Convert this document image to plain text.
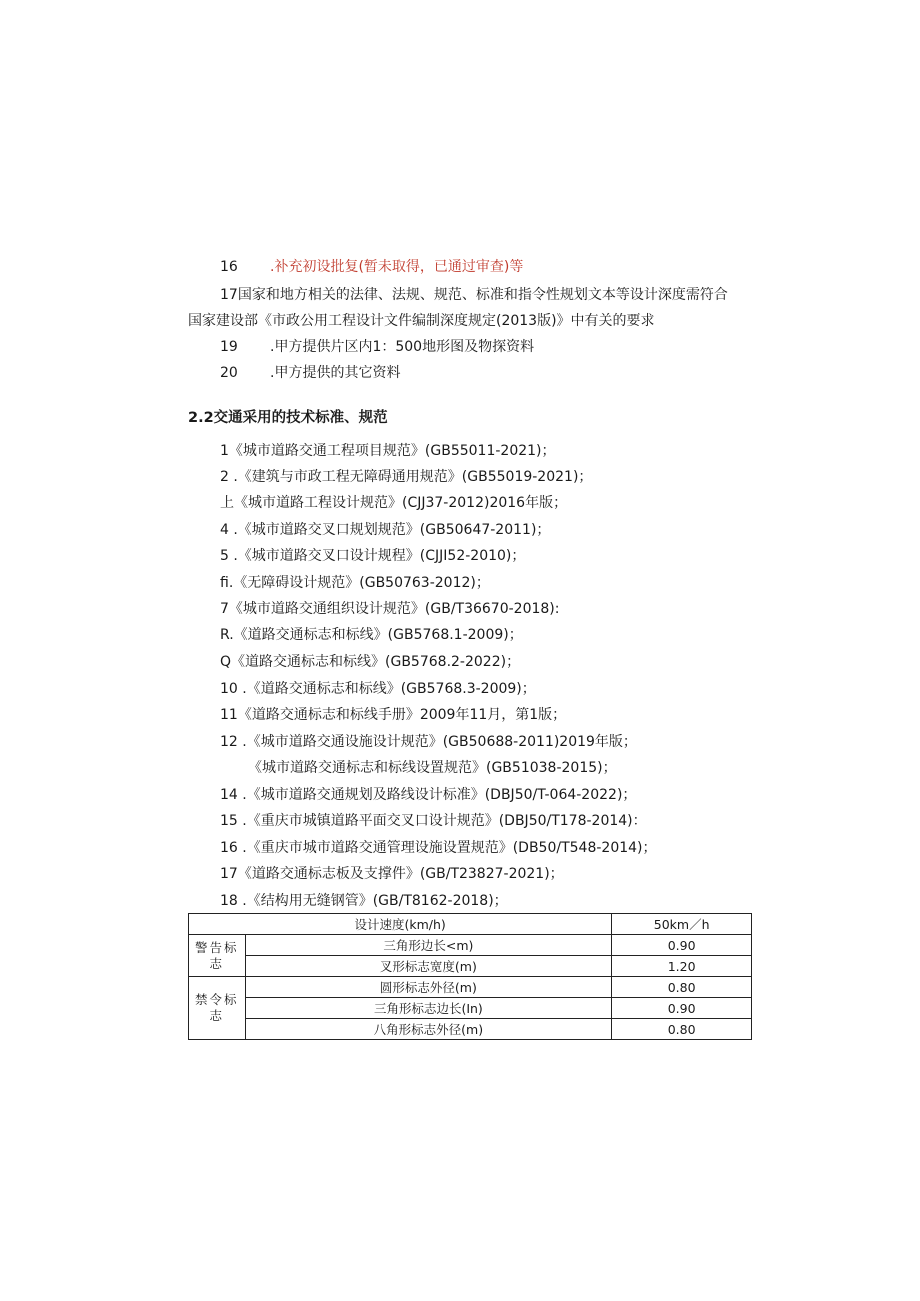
16 .补充初设批复(暂未取得，已通过审查)等
17国家和地方相关的法律、法规、规范、标准和指令性规划文本等设计深度需符合
国家建设部《市政公用工程设计文件编制深度规定(2013版)》中有关的要求
19 .甲方提供片区内1：500地形图及物探资料
20 .甲方提供的其它资料
2.2交通采用的技术标准、规范
1《城市道路交通工程项目规范》(GB55011-2021)；
2 .《建筑与市政工程无障碍通用规范》(GB55019-2021)；
上《城市道路工程设计规范》(CJJ37-2012)2016年版；
4 .《城市道路交叉口规划规范》(GB50647-2011)；
5 .《城市道路交叉口设计规程》(CJJI52-2010)；
fi.《无障碍设计规范》(GB50763-2012)；
7《城市道路交通组织设计规范》(GB/T36670-2018):
R.《道路交通标志和标线》(GB5768.1-2009)；
Q《道路交通标志和标线》(GB5768.2-2022)；
10 .《道路交通标志和标线》(GB5768.3-2009)；
11《道路交通标志和标线手册》2009年11月，第1版；
12 .《城市道路交通设施设计规范》(GB50688-2011)2019年版；
《城市道路交通标志和标线设置规范》(GB51038-2015)；
14 .《城市道路交通规划及路线设计标准》(DBJ50/T-064-2022)；
15 .《重庆市城镇道路平面交叉口设计规范》(DBJ50/T178-2014)：
16 .《重庆市城市道路交通管理设施设置规范》(DB50/T548-2014)；
17《道路交通标志板及支撑件》(GB/T23827-2021)；
18 .《结构用无缝钢管》(GB/T8162-2018)；
设计速度(km/h)		50km／h
警告标志	三角形边长<m)	0.90
	叉形标志宽度(m)	1.20
禁令标志	圆形标志外径(m)	0.80
	三角形标志边长(In)	0.90
	八角形标志外径(m)	0.80
